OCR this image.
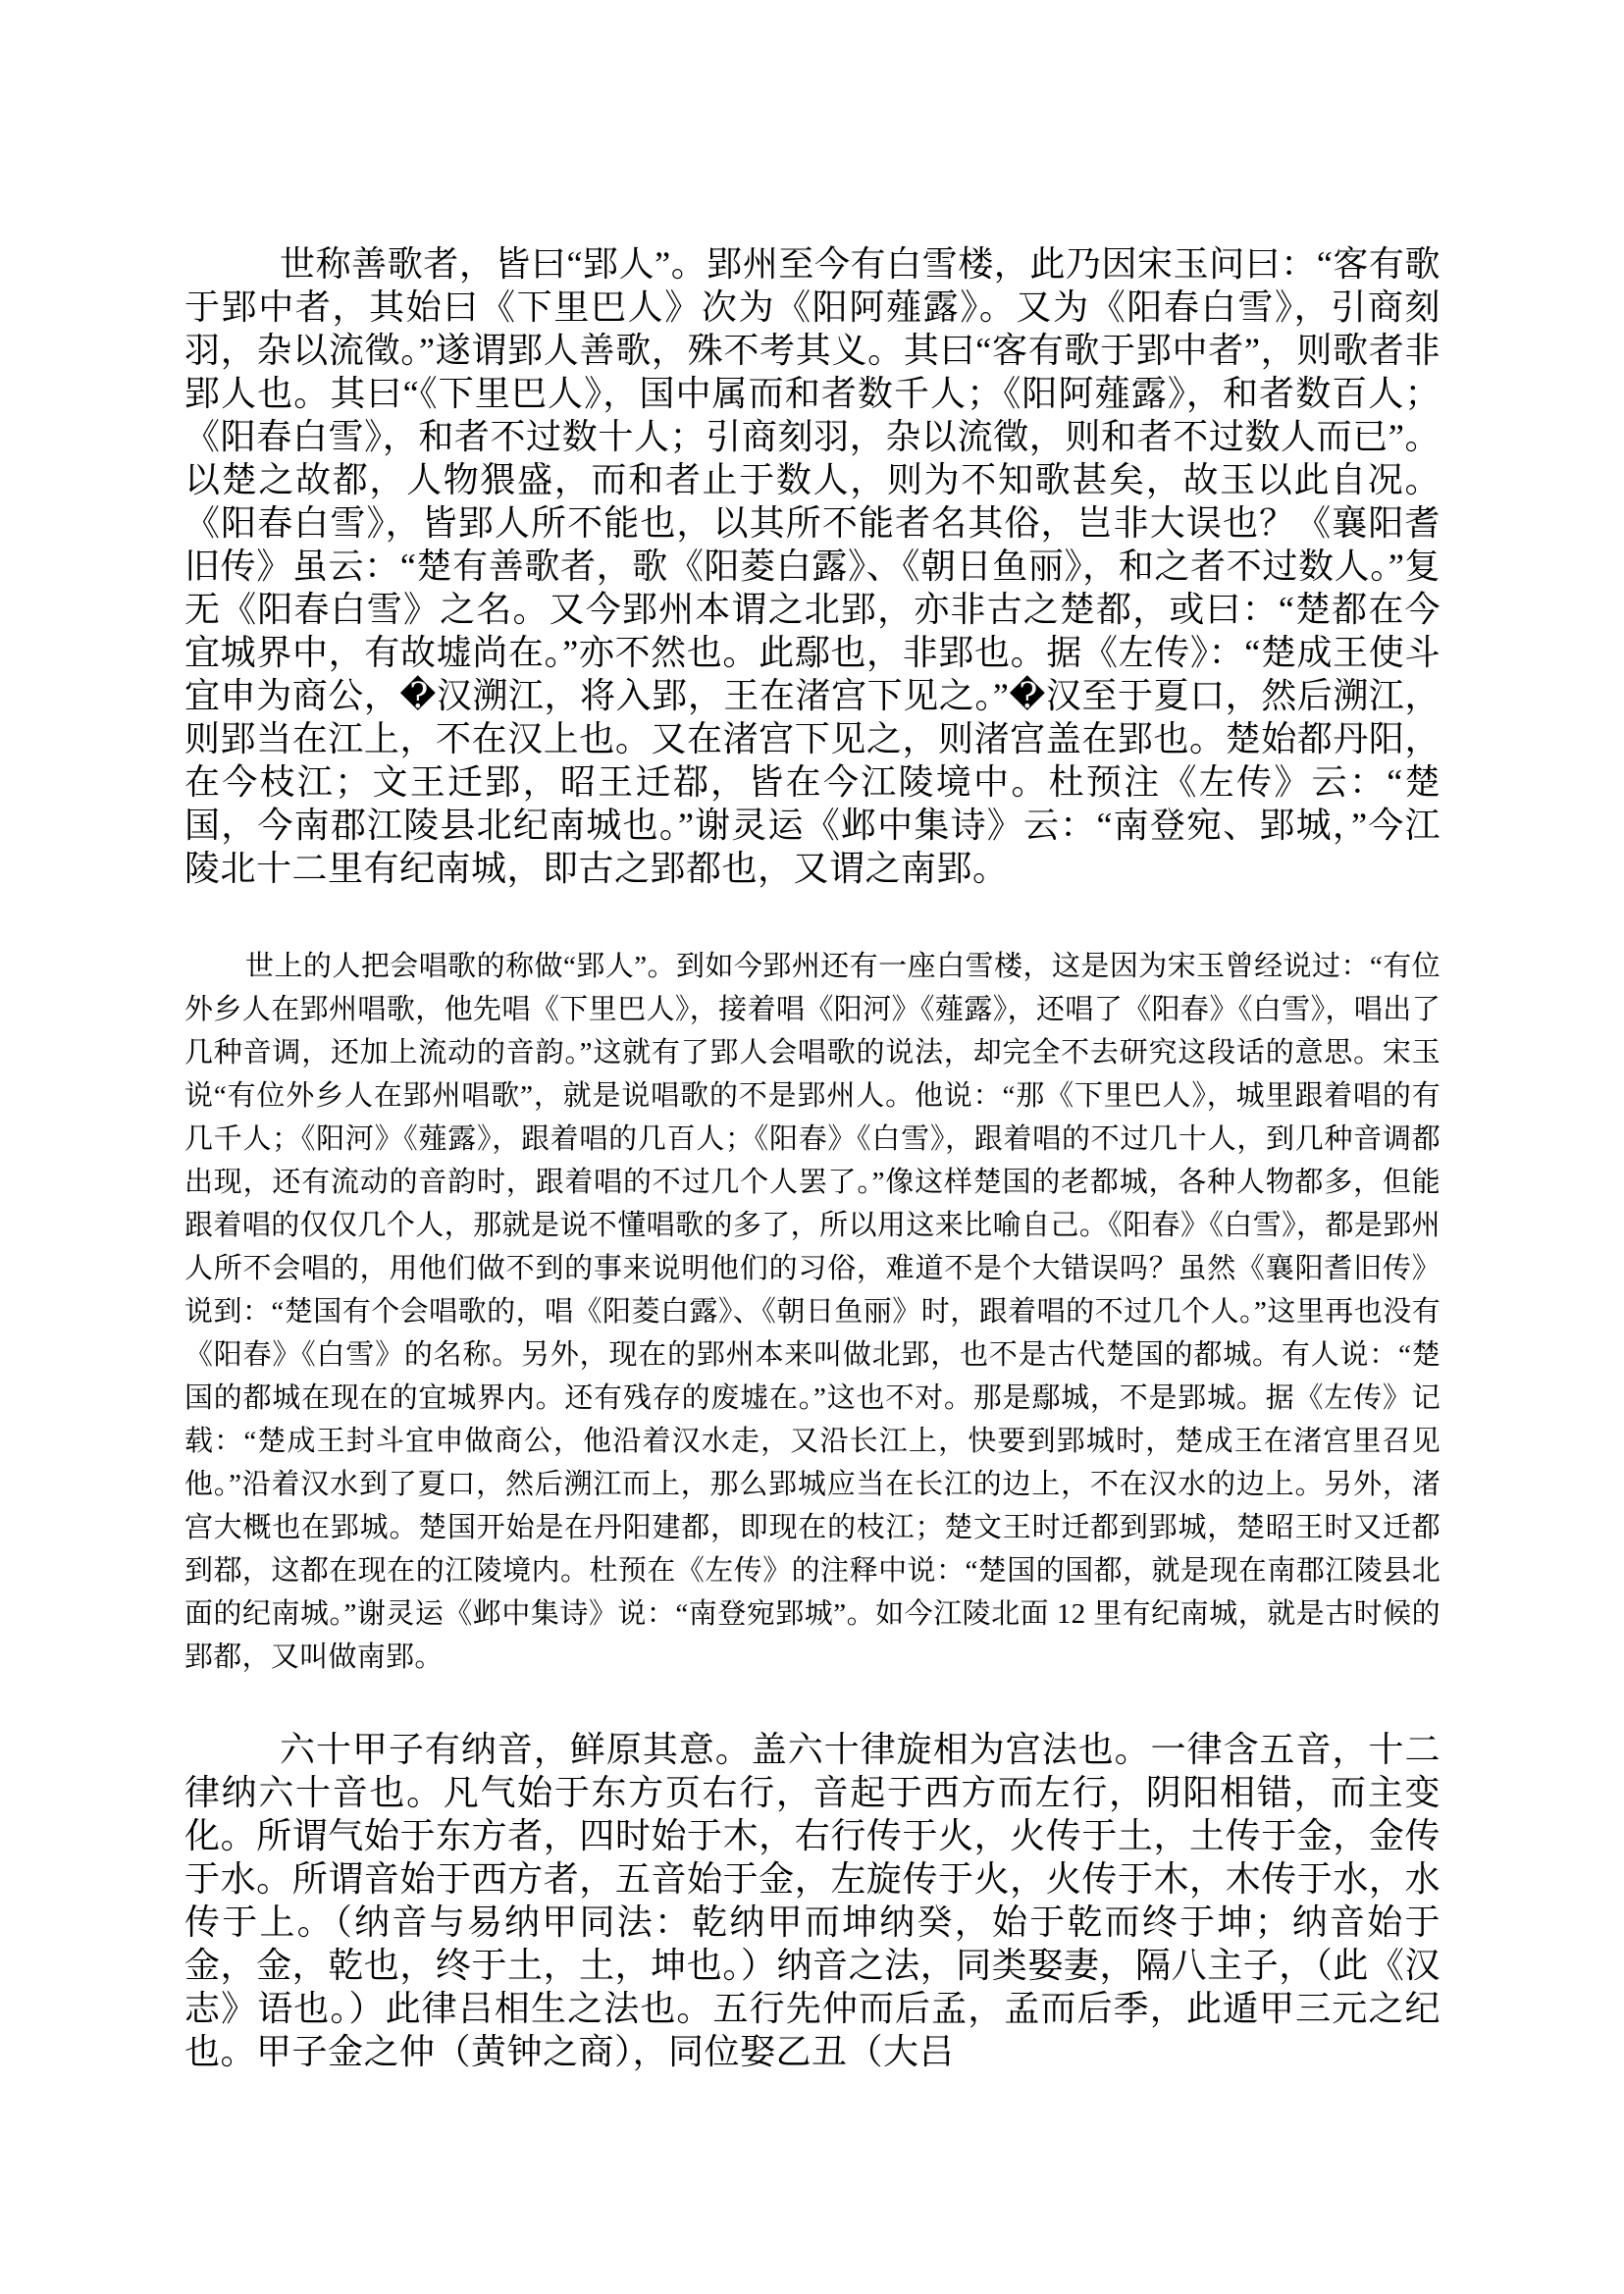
世称善歌者，皆曰“郢人”。郢州至今有白雪楼，此乃因宋玉问曰：“客有歌于郢中者，其始曰《下里巴人》次为《阳阿薤露》。又为《阳春白雪》，引商刻羽，杂以流徵。”遂谓郢人善歌，殊不考其义。其曰“客有歌于郢中者”，则歌者非郢人也。其曰“《下里巴人》，国中属而和者数千人；《阳阿薤露》，和者数百人；《阳春白雪》，和者不过数十人；引商刻羽，杂以流徵，则和者不过数人而已”。以楚之故都，人物猥盛，而和者止于数人，则为不知歌甚矣，故玉以此自况。《阳春白雪》，皆郢人所不能也，以其所不能者名其俗，岂非大误也？《襄阳耆旧传》虽云：“楚有善歌者，歌《阳菱白露》、《朝日鱼丽》，和之者不过数人。”复无《阳春白雪》之名。又今郢州本谓之北郢，亦非古之楚都，或曰：“楚都在今宜城界中，有故墟尚在。”亦不然也。此鄢也，非郢也。据《左传》：“楚成王使斗宜申为商公，�汉溯江，将入郢，王在渚宫下见之。”�汉至于夏口，然后溯江，则郢当在江上，不在汉上也。又在渚宫下见之，则渚宫盖在郢也。楚始都丹阳，在今枝江；文王迁郢，昭王迁鄀，皆在今江陵境中。杜预注《左传》云：“楚国，今南郡江陵县北纪南城也。”谢灵运《邺中集诗》云：“南登宛、郢城，”今江陵北十二里有纪南城，即古之郢都也，又谓之南郢。

世上的人把会唱歌的称做“郢人”。到如今郢州还有一座白雪楼，这是因为宋玉曾经说过：“有位外乡人在郢州唱歌，他先唱《下里巴人》，接着唱《阳河》《薤露》，还唱了《阳春》《白雪》，唱出了几种音调，还加上流动的音韵。”这就有了郢人会唱歌的说法，却完全不去研究这段话的意思。宋玉说“有位外乡人在郢州唱歌”，就是说唱歌的不是郢州人。他说：“那《下里巴人》，城里跟着唱的有几千人；《阳河》《薤露》，跟着唱的几百人；《阳春》《白雪》，跟着唱的不过几十人，到几种音调都出现，还有流动的音韵时，跟着唱的不过几个人罢了。”像这样楚国的老都城，各种人物都多，但能跟着唱的仅仅几个人，那就是说不懂唱歌的多了，所以用这来比喻自己。《阳春》《白雪》，都是郢州人所不会唱的，用他们做不到的事来说明他们的习俗，难道不是个大错误吗？虽然《襄阳耆旧传》说到：“楚国有个会唱歌的，唱《阳菱白露》、《朝日鱼丽》时，跟着唱的不过几个人。”这里再也没有《阳春》《白雪》的名称。另外，现在的郢州本来叫做北郢，也不是古代楚国的都城。有人说：“楚国的都城在现在的宜城界内。还有残存的废墟在。”这也不对。那是鄢城，不是郢城。据《左传》记载：“楚成王封斗宜申做商公，他沿着汉水走，又沿长江上，快要到郢城时，楚成王在渚宫里召见他。”沿着汉水到了夏口，然后溯江而上，那么郢城应当在长江的边上，不在汉水的边上。另外，渚宫大概也在郢城。楚国开始是在丹阳建都，即现在的枝江；楚文王时迁都到郢城，楚昭王时又迁都到鄀，这都在现在的江陵境内。杜预在《左传》的注释中说：“楚国的国都，就是现在南郡江陵县北面的纪南城。”谢灵运《邺中集诗》说：“南登宛郢城”。如今江陵北面 12 里有纪南城，就是古时候的郢都，又叫做南郢。

六十甲子有纳音，鲜原其意。盖六十律旋相为宫法也。一律含五音，十二律纳六十音也。凡气始于东方页右行，音起于西方而左行，阴阳相错，而主变化。所谓气始于东方者，四时始于木，右行传于火，火传于土，土传于金，金传于水。所谓音始于西方者，五音始于金，左旋传于火，火传于木，木传于水，水传于上。（纳音与易纳甲同法：乾纳甲而坤纳癸，始于乾而终于坤；纳音始于金，金，乾也，终于土，土，坤也。）纳音之法，同类娶妻，隔八主子，（此《汉志》语也。）此律吕相生之法也。五行先仲而后孟，孟而后季，此遁甲三元之纪也。甲子金之仲（黄钟之商），同位娶乙丑（大吕
